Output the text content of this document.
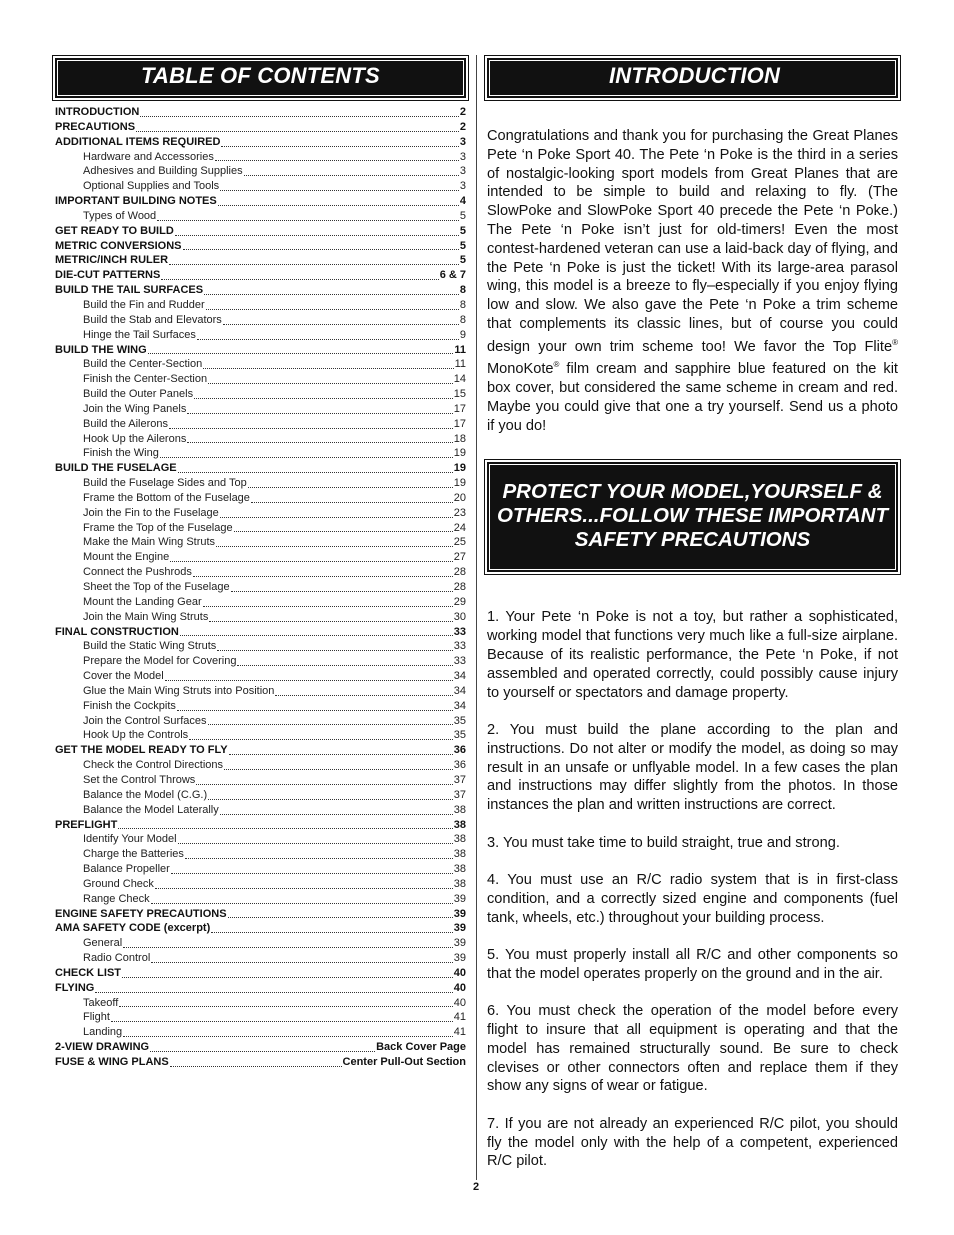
TABLE OF CONTENTS
INTRODUCTION	2
PRECAUTIONS	2
ADDITIONAL ITEMS REQUIRED	3
Hardware and Accessories	3
Adhesives and Building Supplies	3
Optional Supplies and Tools	3
IMPORTANT BUILDING NOTES	4
Types of Wood	5
GET READY TO BUILD	5
METRIC CONVERSIONS	5
METRIC/INCH RULER	5
DIE-CUT PATTERNS	6 & 7
BUILD THE TAIL SURFACES	8
Build the Fin and Rudder	8
Build the Stab and Elevators	8
Hinge the Tail Surfaces	9
BUILD THE WING	11
Build the Center-Section	11
Finish the Center-Section	14
Build the Outer Panels	15
Join the Wing Panels	17
Build the Ailerons	17
Hook Up the Ailerons	18
Finish the Wing	19
BUILD THE FUSELAGE	19
Build the Fuselage Sides and Top	19
Frame the Bottom of the Fuselage	20
Join the Fin to the Fuselage	23
Frame the Top of the Fuselage	24
Make the Main Wing Struts	25
Mount the Engine	27
Connect the Pushrods	28
Sheet the Top of the Fuselage	28
Mount the Landing Gear	29
Join the Main Wing Struts	30
FINAL CONSTRUCTION	33
Build the Static Wing Struts	33
Prepare the Model for Covering	33
Cover the Model	34
Glue the Main Wing Struts into Position	34
Finish the Cockpits	34
Join the Control Surfaces	35
Hook Up the Controls	35
GET THE MODEL READY TO FLY	36
Check the Control Directions	36
Set the Control Throws	37
Balance the Model (C.G.)	37
Balance the Model Laterally	38
PREFLIGHT	38
Identify Your Model	38
Charge the Batteries	38
Balance Propeller	38
Ground Check	38
Range Check	39
ENGINE SAFETY PRECAUTIONS	39
AMA SAFETY CODE (excerpt)	39
General	39
Radio Control	39
CHECK LIST	40
FLYING	40
Takeoff	40
Flight	41
Landing	41
2-VIEW DRAWING	Back Cover Page
FUSE & WING PLANS	Center Pull-Out Section
INTRODUCTION
Congratulations and thank you for purchasing the Great Planes Pete ‘n Poke Sport 40. The Pete ‘n Poke is the third in a series of nostalgic-looking sport models from Great Planes that are intended to be simple to build and relaxing to fly. (The SlowPoke and SlowPoke Sport 40 precede the Pete ‘n Poke.) The Pete ‘n Poke isn’t just for old-timers! Even the most contest-hardened veteran can use a laid-back day of flying, and the Pete ‘n Poke is just the ticket! With its large-area parasol wing, this model is a breeze to fly–especially if you enjoy flying low and slow. We also gave the Pete ‘n Poke a trim scheme that complements its classic lines, but of course you could design your own trim scheme too! We favor the Top Flite® MonoKote® film cream and sapphire blue featured on the kit box cover, but considered the same scheme in cream and red. Maybe you could give that one a try yourself. Send us a photo if you do!
PROTECT YOUR MODEL,YOURSELF & OTHERS...FOLLOW THESE IMPORTANT SAFETY PRECAUTIONS

1. Your Pete ‘n Poke is not a toy, but rather a sophisticated, working model that functions very much like a full-size airplane. Because of its realistic performance, the Pete ‘n Poke, if not assembled and operated correctly, could possibly cause injury to yourself or spectators and damage property.

2. You must build the plane according to the plan and instructions. Do not alter or modify the model, as doing so may result in an unsafe or unflyable model. In a few cases the plan and instructions may differ slightly from the photos. In those instances the plan and written instructions are correct.

3. You must take time to build straight, true and strong.

4. You must use an R/C radio system that is in first-class condition, and a correctly sized engine and components (fuel tank, wheels, etc.) throughout your building process.

5. You must properly install all R/C and other components so that the model operates properly on the ground and in the air.

6. You must check the operation of the model before every flight to insure that all equipment is operating and that the model has remained structurally sound. Be sure to check clevises or other connectors often and replace them if they show any signs of wear or fatigue.

7. If you are not already an experienced R/C pilot, you should fly the model only with the help of a competent, experienced R/C pilot.

2
